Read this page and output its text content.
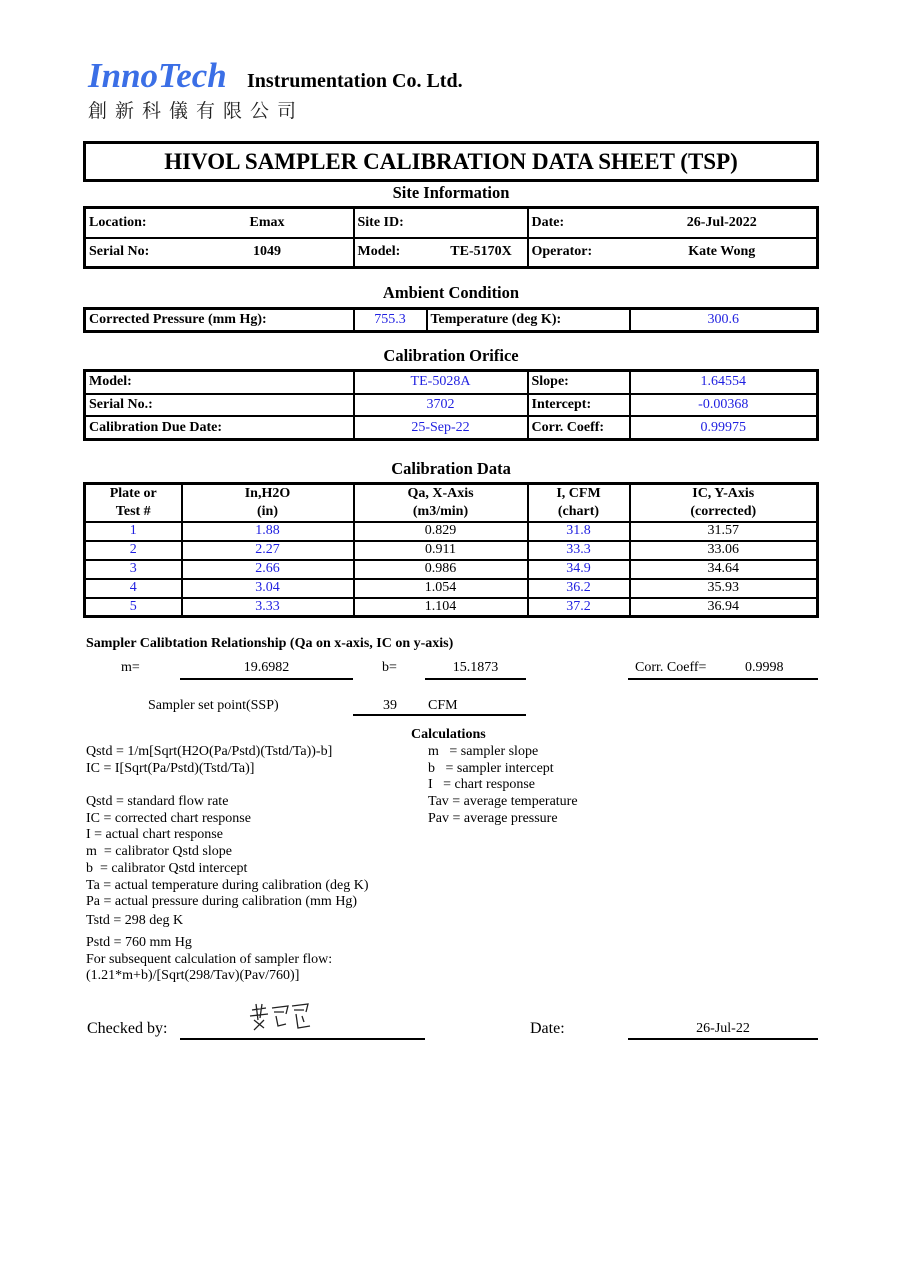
InnoTech Instrumentation Co. Ltd.
創新科儀有限公司
HIVOL SAMPLER CALIBRATION DATA SHEET (TSP)
Site Information
Location:	Emax	Site ID:		Date:	26-Jul-2022
Serial No:	1049	Model:	TE-5170X	Operator:	Kate Wong
Ambient Condition
Corrected Pressure (mm Hg):	755.3	Temperature (deg K):	300.6
Calibration Orifice
Model:	TE-5028A	Slope:	1.64554
Serial No.:	3702	Intercept:	-0.00368
Calibration Due Date:	25-Sep-22	Corr. Coeff:	0.99975
Calibration Data
Plate or	In,H2O	Qa, X-Axis	I, CFM	IC, Y-Axis
Test #	(in)	(m3/min)	(chart)	(corrected)
1	1.88	0.829	31.8	31.57
2	2.27	0.911	33.3	33.06
3	2.66	0.986	34.9	34.64
4	3.04	1.054	36.2	35.93
5	3.33	1.104	37.2	36.94
Sampler Calibtation Relationship (Qa on x-axis, IC on y-axis)
m=	19.6982	b=	15.1873	Corr. Coeff=	0.9998
Sampler set point(SSP)	39 CFM
Calculations
Qstd = 1/m[Sqrt(H2O(Pa/Pstd)(Tstd/Ta))-b]
IC = I[Sqrt(Pa/Pstd)(Tstd/Ta)]
Qstd = standard flow rate
IC = corrected chart response
I = actual chart response
m  = calibrator Qstd slope
b  = calibrator Qstd intercept
Ta = actual temperature during calibration (deg K)
Pa = actual pressure during calibration (mm Hg)
Tstd = 298 deg K
Pstd = 760 mm Hg
For subsequent calculation of sampler flow:
(1.21*m+b)/[Sqrt(298/Tav)(Pav/760)]
m   = sampler slope
b   = sampler intercept
I   = chart response
Tav = average temperature
Pav = average pressure
Checked by:	Date:	26-Jul-22
